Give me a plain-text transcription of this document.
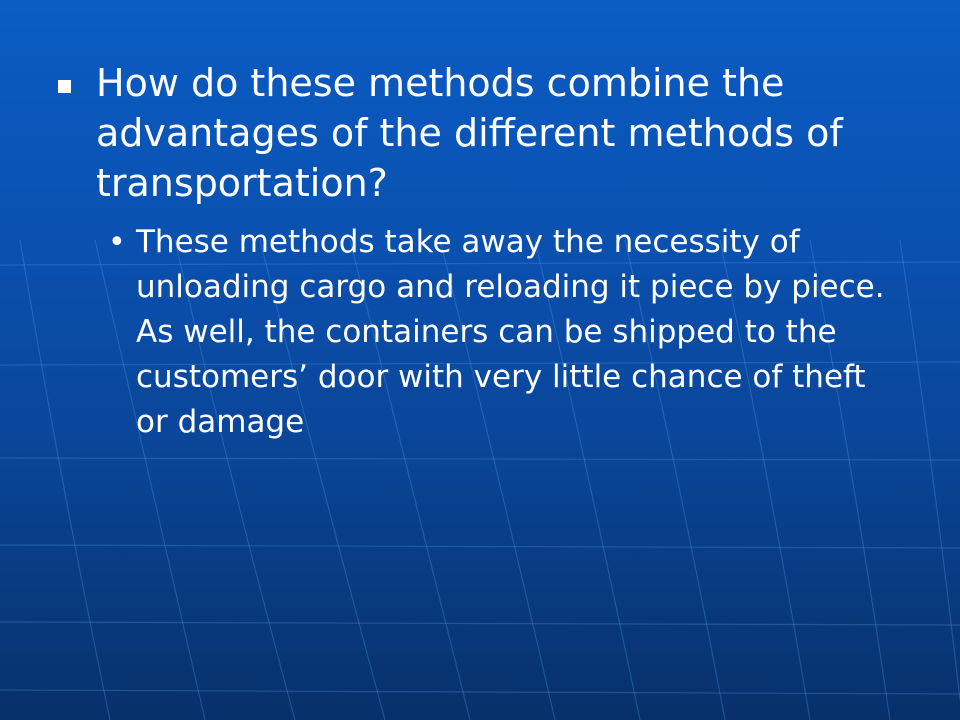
How do these methods combine the advantages of the different methods of transportation?
• These methods take away the necessity of unloading cargo and reloading it piece by piece. As well, the containers can be shipped to the customers’ door with very little chance of theft or damage
